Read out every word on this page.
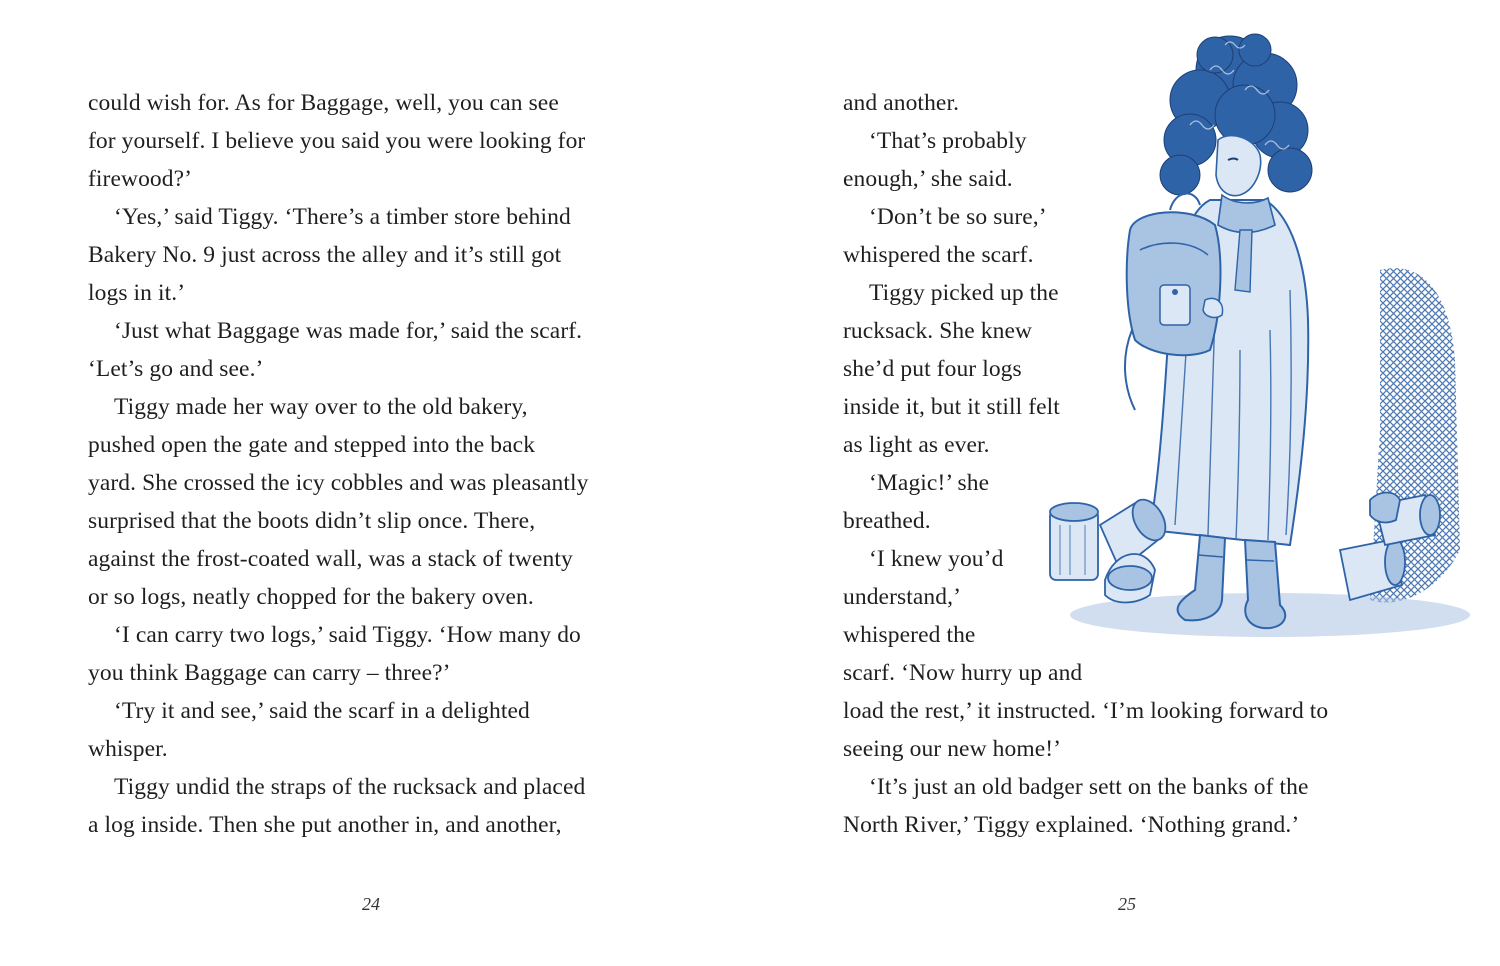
could wish for. As for Baggage, well, you can see
for yourself. I believe you said you were looking for
firewood?’
‘Yes,’ said Tiggy. ‘There’s a timber store behind
Bakery No. 9 just across the alley and it’s still got
logs in it.’
‘Just what Baggage was made for,’ said the scarf.
‘Let’s go and see.’
Tiggy made her way over to the old bakery,
pushed open the gate and stepped into the back
yard. She crossed the icy cobbles and was pleasantly
surprised that the boots didn’t slip once. There,
against the frost-coated wall, was a stack of twenty
or so logs, neatly chopped for the bakery oven.
‘I can carry two logs,’ said Tiggy. ‘How many do
you think Baggage can carry – three?’
‘Try it and see,’ said the scarf in a delighted
whisper.
Tiggy undid the straps of the rucksack and placed
a log inside. Then she put another in, and another,
24
and another.
‘That’s probably
enough,’ she said.
‘Don’t be so sure,’
whispered the scarf.
Tiggy picked up the
rucksack. She knew
she’d put four logs
inside it, but it still felt
as light as ever.
‘Magic!’ she
breathed.
‘I knew you’d
understand,’
whispered the
scarf. ‘Now hurry up and
load the rest,’ it instructed. ‘I’m looking forward to
seeing our new home!’
‘It’s just an old badger sett on the banks of the
North River,’ Tiggy explained. ‘Nothing grand.’
25
